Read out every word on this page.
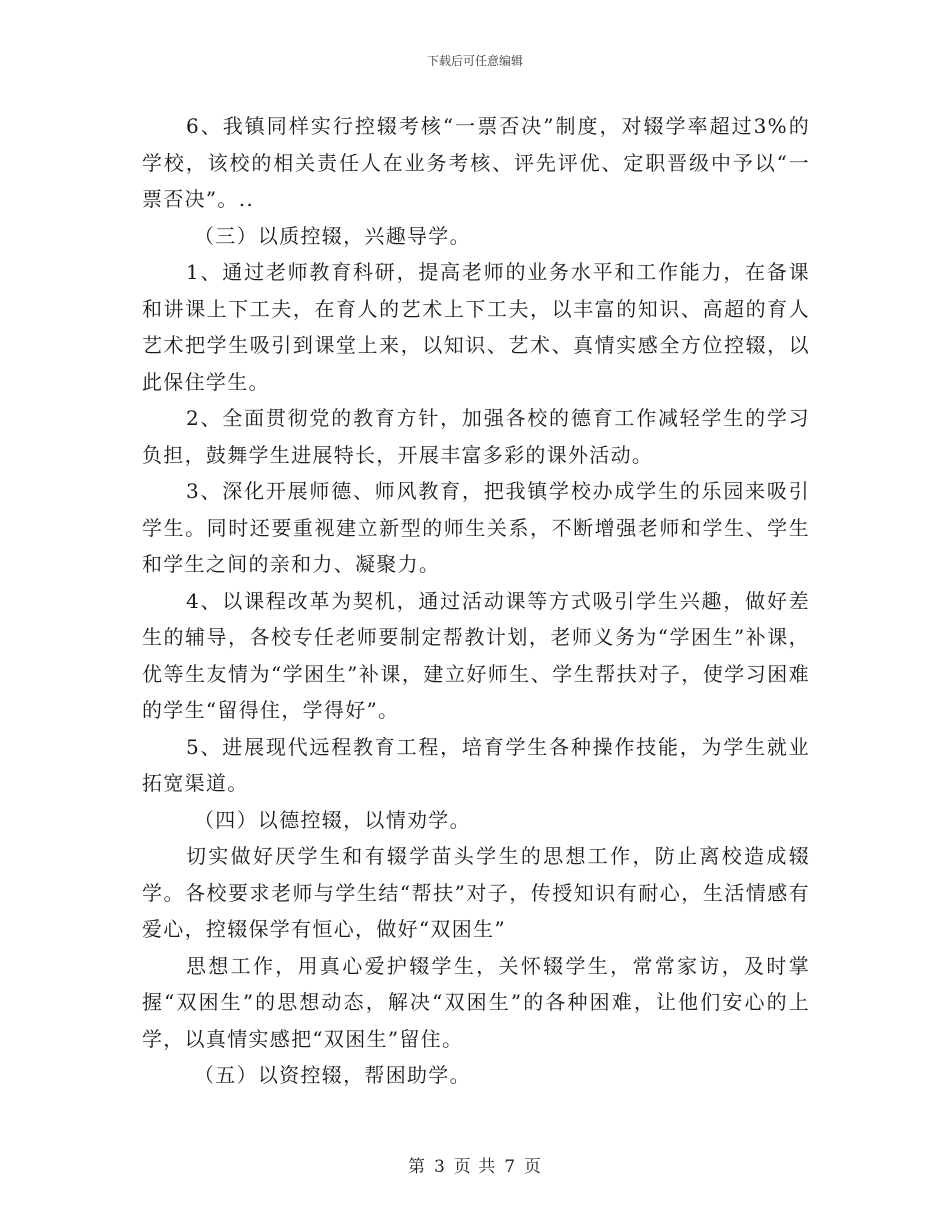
下载后可任意编辑

6、我镇同样实行控辍考核“一票否决”制度，对辍学率超过3%的学校，该校的相关责任人在业务考核、评先评优、定职晋级中予以“一票否决”。..

（三）以质控辍，兴趣导学。

1、通过老师教育科研，提高老师的业务水平和工作能力，在备课和讲课上下工夫，在育人的艺术上下工夫，以丰富的知识、高超的育人艺术把学生吸引到课堂上来，以知识、艺术、真情实感全方位控辍，以此保住学生。

2、全面贯彻党的教育方针，加强各校的德育工作减轻学生的学习负担，鼓舞学生进展特长，开展丰富多彩的课外活动。

3、深化开展师德、师风教育，把我镇学校办成学生的乐园来吸引学生。同时还要重视建立新型的师生关系，不断增强老师和学生、学生和学生之间的亲和力、凝聚力。

4、以课程改革为契机，通过活动课等方式吸引学生兴趣，做好差生的辅导，各校专任老师要制定帮教计划，老师义务为“学困生”补课，优等生友情为“学困生”补课，建立好师生、学生帮扶对子，使学习困难的学生“留得住，学得好”。

5、进展现代远程教育工程，培育学生各种操作技能，为学生就业拓宽渠道。

（四）以德控辍，以情劝学。

切实做好厌学生和有辍学苗头学生的思想工作，防止离校造成辍学。各校要求老师与学生结“帮扶”对子，传授知识有耐心，生活情感有爱心，控辍保学有恒心，做好“双困生”

思想工作，用真心爱护辍学生，关怀辍学生，常常家访，及时掌握“双困生”的思想动态，解决“双困生”的各种困难，让他们安心的上学，以真情实感把“双困生”留住。

（五）以资控辍，帮困助学。

第 3 页 共 7 页
